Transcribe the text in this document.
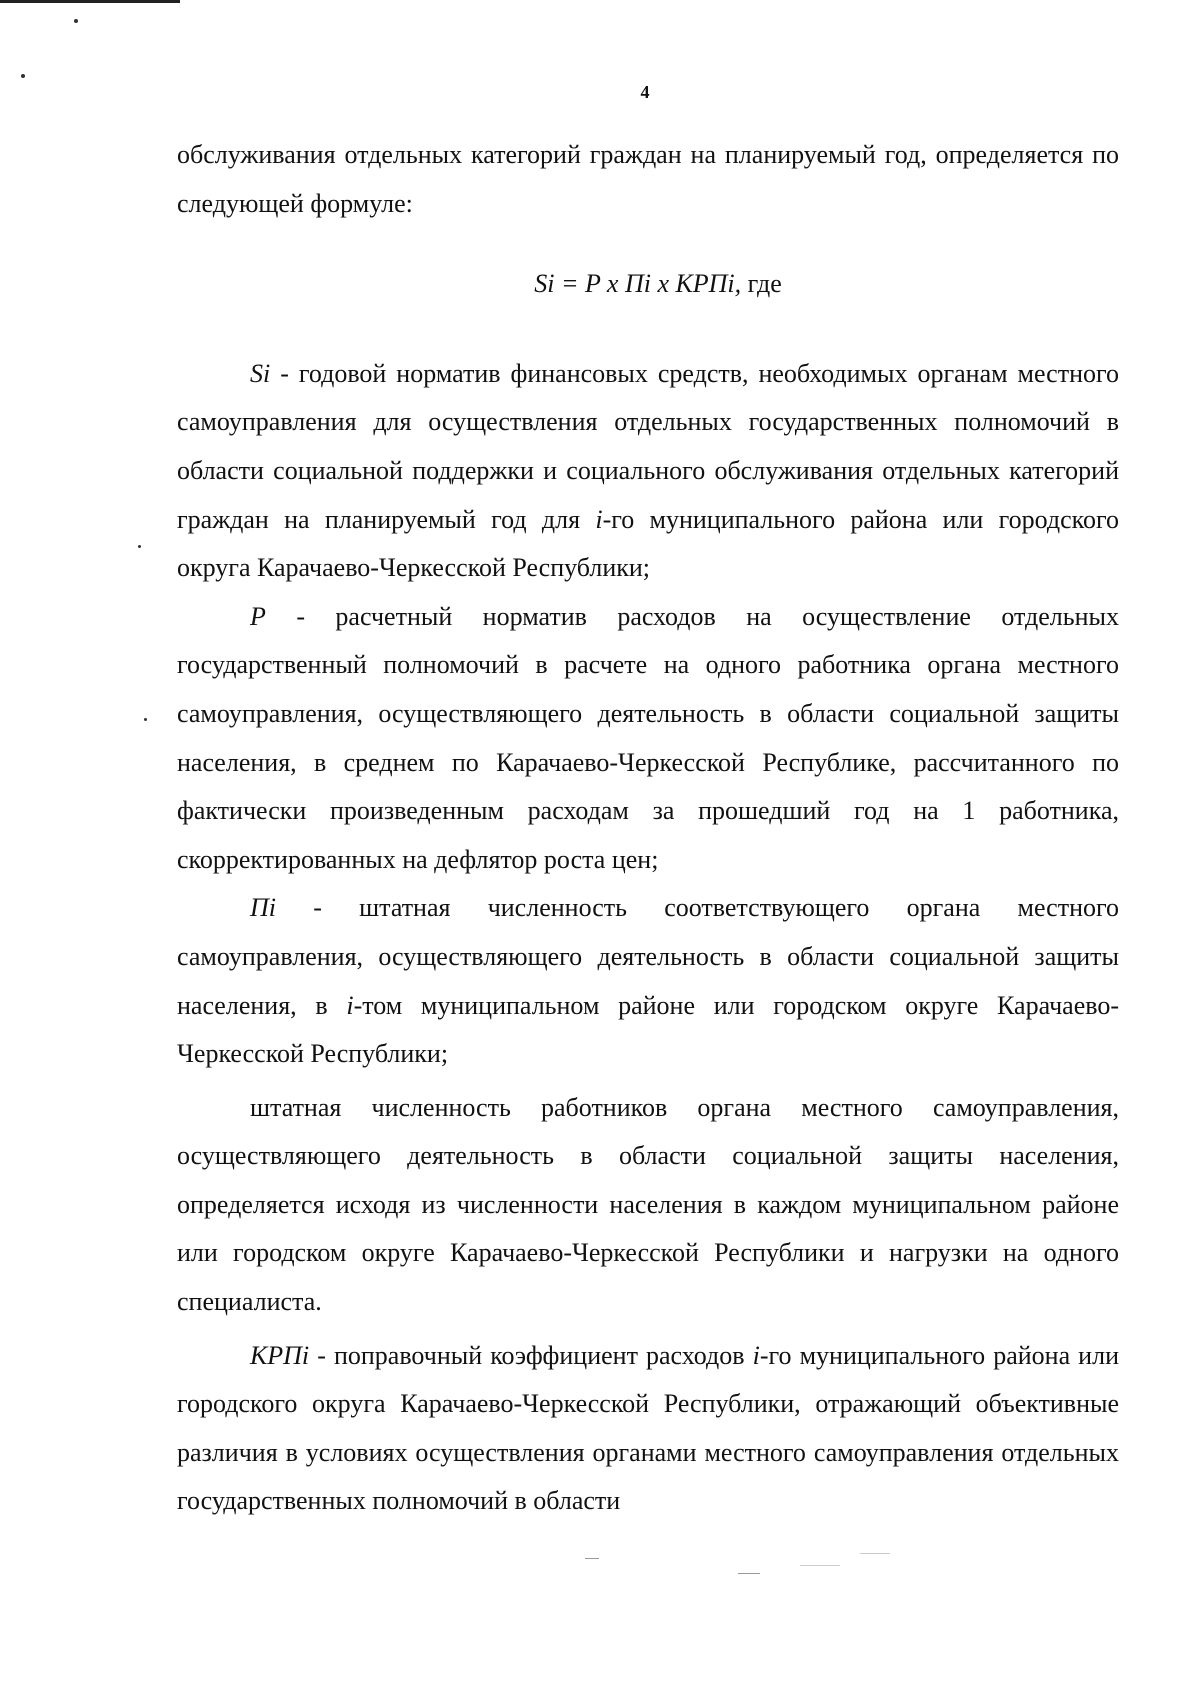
4

обслуживания отдельных категорий граждан на планируемый год, определяется по следующей формуле:

Si = P x Пi x КРПi, где

Si - годовой норматив финансовых средств, необходимых органам местного самоуправления для осуществления отдельных государственных полномочий в области социальной поддержки и социального обслуживания отдельных категорий граждан на планируемый год для i-го муниципального района или городского округа Карачаево-Черкесской Республики;

P - расчетный норматив расходов на осуществление отдельных государственный полномочий в расчете на одного работника органа местного самоуправления, осуществляющего деятельность в области социальной защиты населения, в среднем по Карачаево-Черкесской Республике, рассчитанного по фактически произведенным расходам за прошедший год на 1 работника, скорректированных на дефлятор роста цен;

Пi - штатная численность соответствующего органа местного самоуправления, осуществляющего деятельность в области социальной защиты населения, в i-том муниципальном районе или городском округе Карачаево-Черкесской Республики;

штатная численность работников органа местного самоуправления, осуществляющего деятельность в области социальной защиты населения, определяется исходя из численности населения в каждом муниципальном районе или городском округе Карачаево-Черкесской Республики и нагрузки на одного специалиста.

КРПi - поправочный коэффициент расходов i-го муниципального района или городского округа Карачаево-Черкесской Республики, отражающий объективные различия в условиях осуществления органами местного самоуправления отдельных государственных полномочий в области
